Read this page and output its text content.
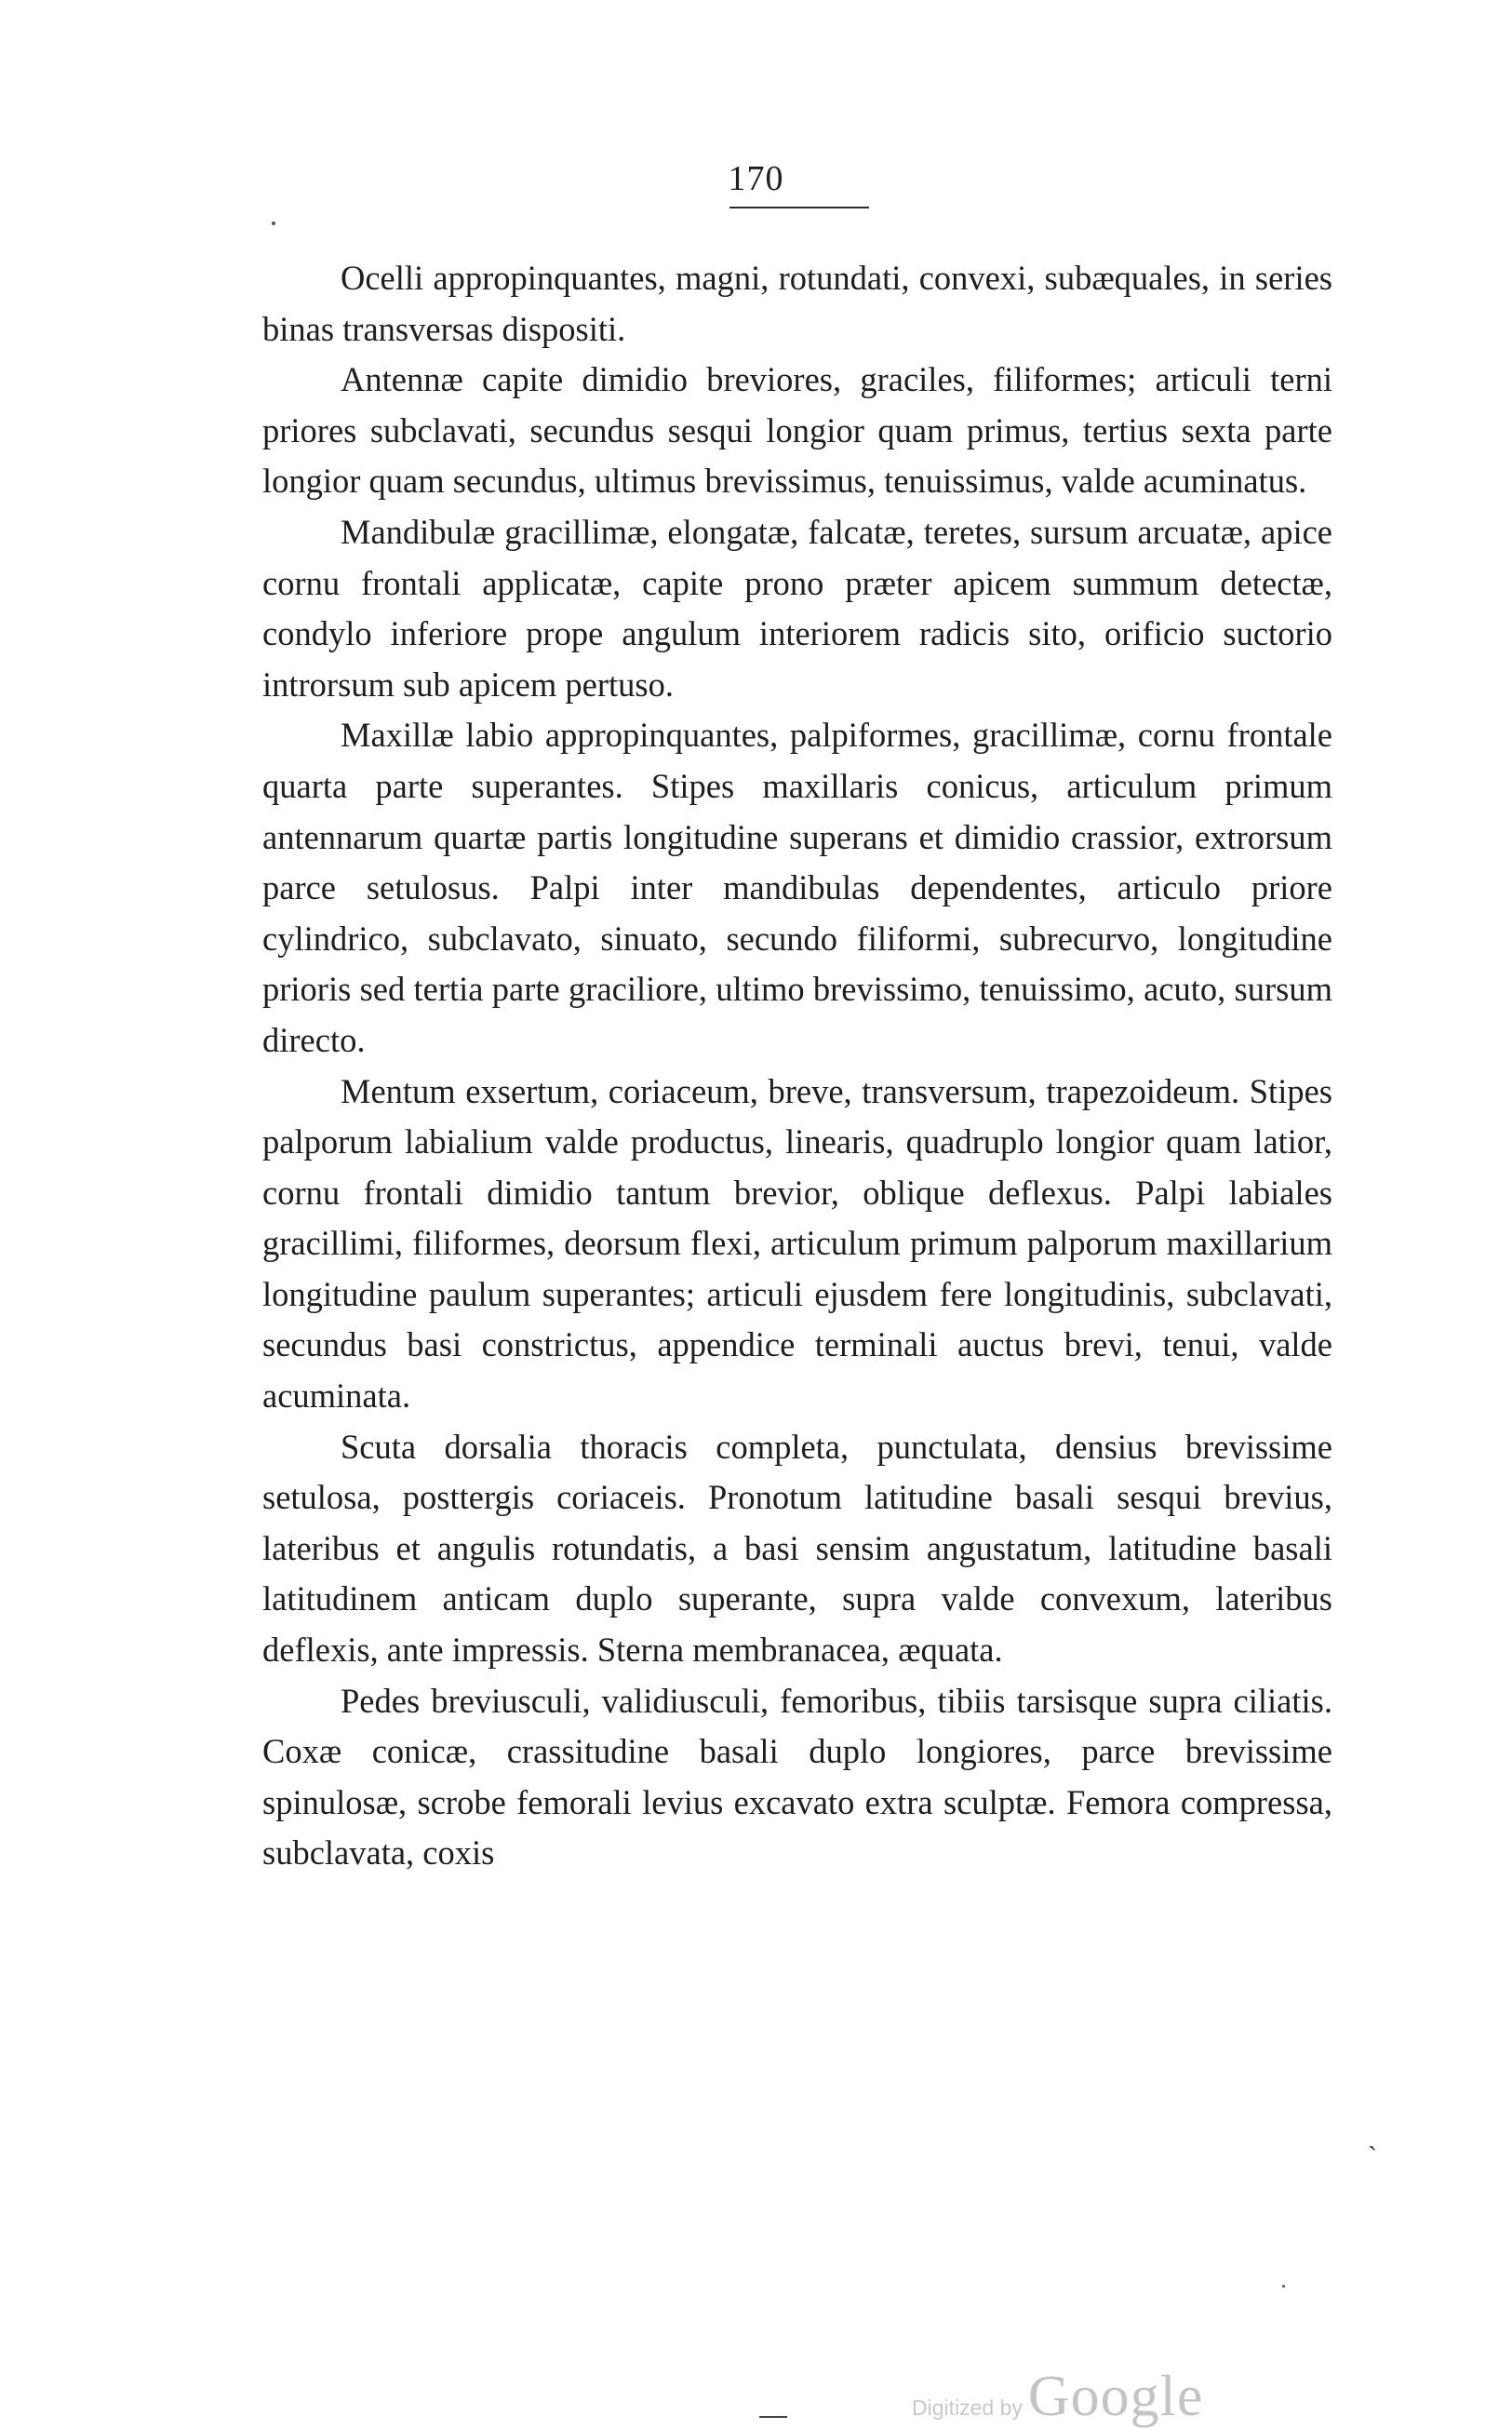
170

Ocelli appropinquantes, magni, rotundati, convexi, subæquales, in series binas transversas dispositi.

Antennæ capite dimidio breviores, graciles, filiformes; articuli terni priores subclavati, secundus sesqui longior quam primus, tertius sexta parte longior quam secundus, ultimus brevissimus, tenuissimus, valde acuminatus.

Mandibulæ gracillimæ, elongatæ, falcatæ, teretes, sursum arcuatæ, apice cornu frontali applicatæ, capite prono præter apicem summum detectæ, condylo inferiore prope angulum interiorem radicis sito, orificio suctorio introrsum sub apicem pertuso.

Maxillæ labio appropinquantes, palpiformes, gracillimæ, cornu frontale quarta parte superantes. Stipes maxillaris conicus, articulum primum antennarum quartæ partis longitudine superans et dimidio crassior, extrorsum parce setulosus. Palpi inter mandibulas dependentes, articulo priore cylindrico, subclavato, sinuato, secundo filiformi, subrecurvo, longitudine prioris sed tertia parte graciliore, ultimo brevissimo, tenuissimo, acuto, sursum directo.

Mentum exsertum, coriaceum, breve, transversum, trapezoideum. Stipes palporum labialium valde productus, linearis, quadruplo longior quam latior, cornu frontali dimidio tantum brevior, oblique deflexus. Palpi labiales gracillimi, filiformes, deorsum flexi, articulum primum palporum maxillarium longitudine paulum superantes; articuli ejusdem fere longitudinis, subclavati, secundus basi constrictus, appendice terminali auctus brevi, tenui, valde acuminata.

Scuta dorsalia thoracis completa, punctulata, densius brevissime setulosa, posttergis coriaceis. Pronotum latitudine basali sesqui brevius, lateribus et angulis rotundatis, a basi sensim angustatum, latitudine basali latitudinem anticam duplo superante, supra valde convexum, lateribus deflexis, ante impressis. Sterna membranacea, æquata.

Pedes breviusculi, validiusculi, femoribus, tibiis tarsisque supra ciliatis. Coxæ conicæ, crassitudine basali duplo longiores, parce brevissime spinulosæ, scrobe femorali levius excavato extra sculptæ. Femora compressa, subclavata, coxis

ˏ
Digitized by Google
